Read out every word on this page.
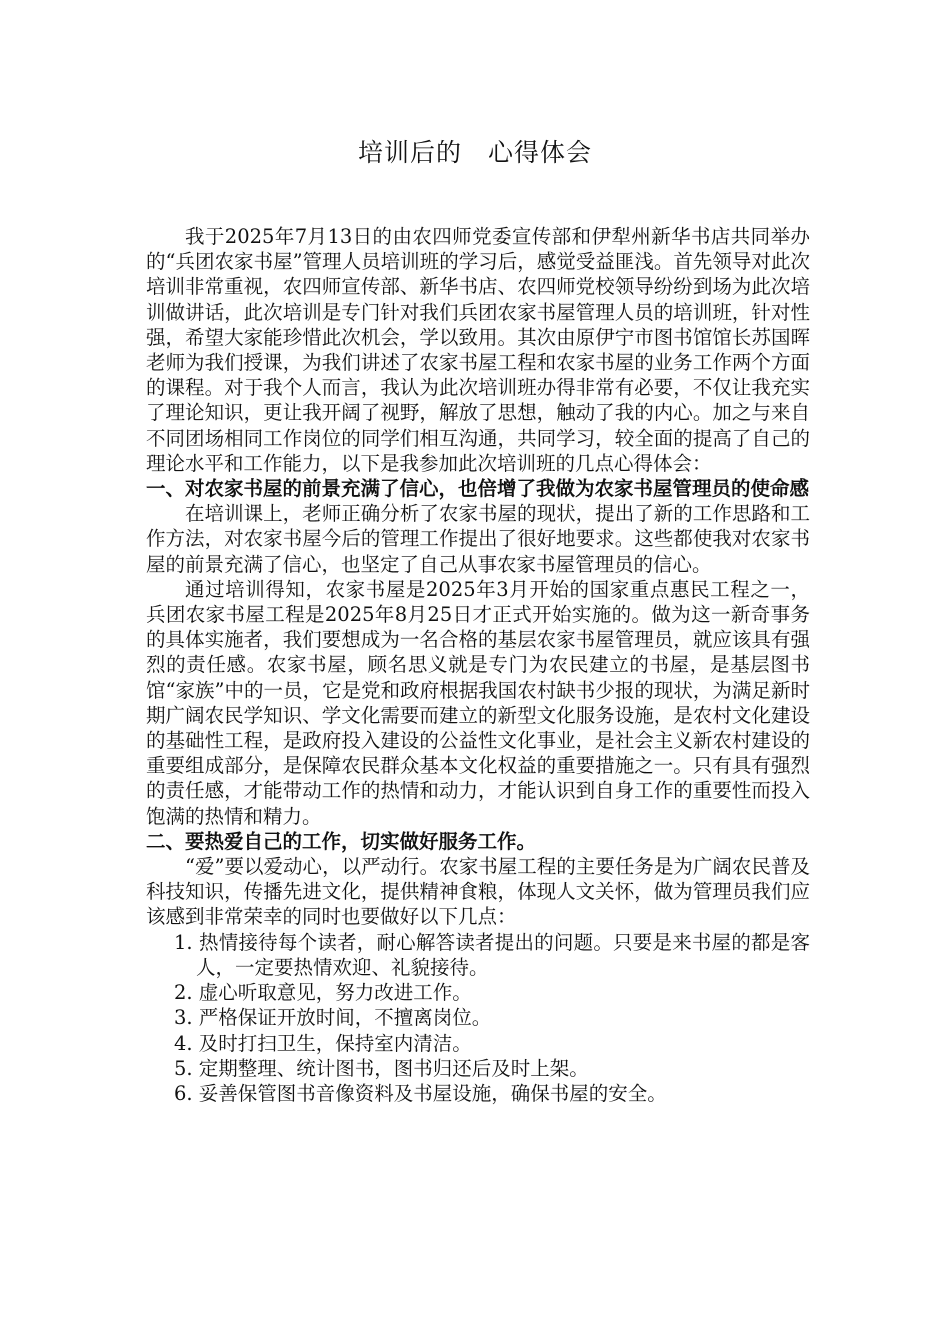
培训后的　心得体会

我于2025年7月13日的由农四师党委宣传部和伊犁州新华书店共同举办的“兵团农家书屋”管理人员培训班的学习后，感觉受益匪浅。首先领导对此次培训非常重视，农四师宣传部、新华书店、农四师党校领导纷纷到场为此次培训做讲话，此次培训是专门针对我们兵团农家书屋管理人员的培训班，针对性强，希望大家能珍惜此次机会，学以致用。其次由原伊宁市图书馆馆长苏国晖老师为我们授课，为我们讲述了农家书屋工程和农家书屋的业务工作两个方面的课程。对于我个人而言，我认为此次培训班办得非常有必要，不仅让我充实了理论知识，更让我开阔了视野，解放了思想，触动了我的内心。加之与来自不同团场相同工作岗位的同学们相互沟通，共同学习，较全面的提高了自己的理论水平和工作能力，以下是我参加此次培训班的几点心得体会：

一、对农家书屋的前景充满了信心，也倍增了我做为农家书屋管理员的使命感

在培训课上，老师正确分析了农家书屋的现状，提出了新的工作思路和工作方法，对农家书屋今后的管理工作提出了很好地要求。这些都使我对农家书屋的前景充满了信心，也坚定了自己从事农家书屋管理员的信心。

通过培训得知，农家书屋是2025年3月开始的国家重点惠民工程之一，兵团农家书屋工程是2025年8月25日才正式开始实施的。做为这一新奇事务的具体实施者，我们要想成为一名合格的基层农家书屋管理员，就应该具有强烈的责任感。农家书屋，顾名思义就是专门为农民建立的书屋，是基层图书馆“家族”中的一员，它是党和政府根据我国农村缺书少报的现状，为满足新时期广阔农民学知识、学文化需要而建立的新型文化服务设施，是农村文化建设的基础性工程，是政府投入建设的公益性文化事业，是社会主义新农村建设的重要组成部分，是保障农民群众基本文化权益的重要措施之一。只有具有强烈的责任感，才能带动工作的热情和动力，才能认识到自身工作的重要性而投入饱满的热情和精力。

二、要热爱自己的工作，切实做好服务工作。

“爱”要以爱动心，以严动行。农家书屋工程的主要任务是为广阔农民普及科技知识，传播先进文化，提供精神食粮，体现人文关怀，做为管理员我们应该感到非常荣幸的同时也要做好以下几点：

1. 热情接待每个读者，耐心解答读者提出的问题。只要是来书屋的都是客人，一定要热情欢迎、礼貌接待。
2. 虚心听取意见，努力改进工作。
3. 严格保证开放时间，不擅离岗位。
4. 及时打扫卫生，保持室内清洁。
5. 定期整理、统计图书，图书归还后及时上架。
6. 妥善保管图书音像资料及书屋设施，确保书屋的安全。
